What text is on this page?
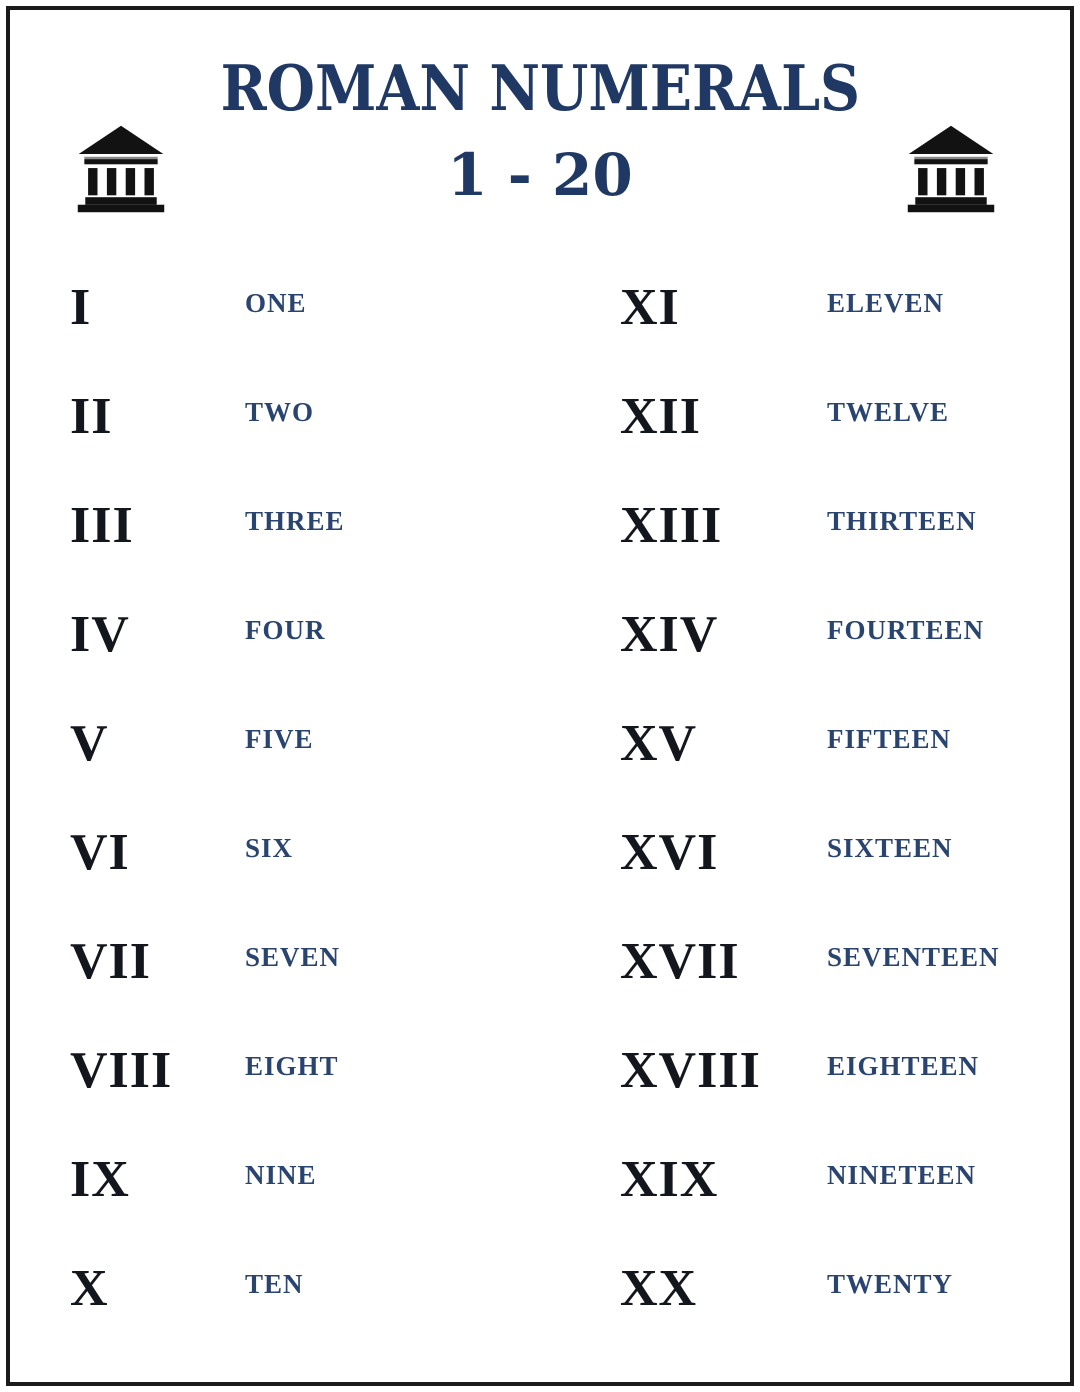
ROMAN NUMERALS
1 - 20
I	ONE
II	TWO
III	THREE
IV	FOUR
V	FIVE
VI	SIX
VII	SEVEN
VIII	EIGHT
IX	NINE
X	TEN
XI	ELEVEN
XII	TWELVE
XIII	THIRTEEN
XIV	FOURTEEN
XV	FIFTEEN
XVI	SIXTEEN
XVII	SEVENTEEN
XVIII	EIGHTEEN
XIX	NINETEEN
XX	TWENTY
